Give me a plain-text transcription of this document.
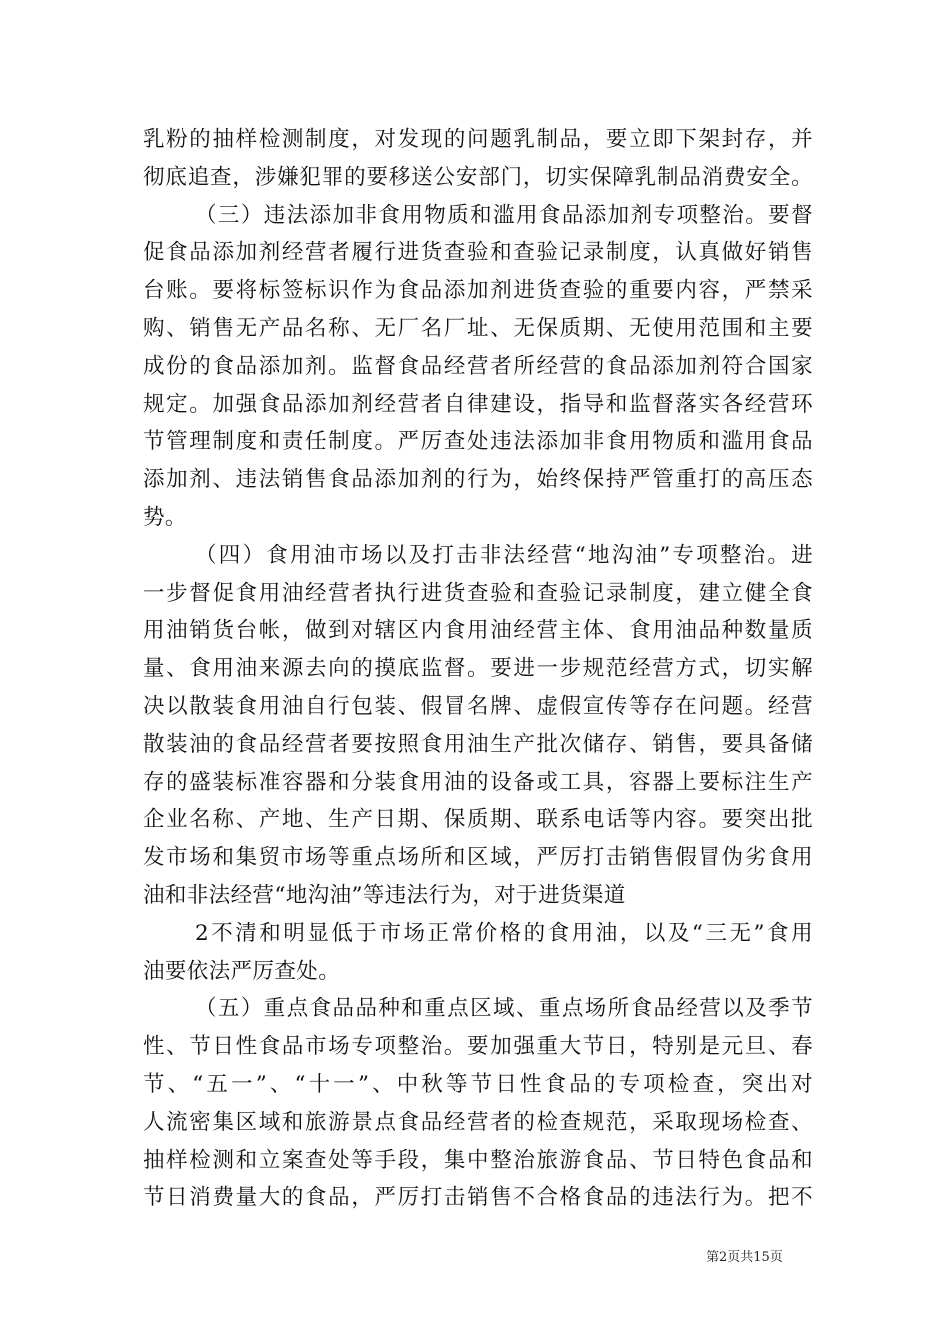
乳粉的抽样检测制度，对发现的问题乳制品，要立即下架封存，并
彻底追查，涉嫌犯罪的要移送公安部门，切实保障乳制品消费安全。
（三）违法添加非食用物质和滥用食品添加剂专项整治。要督
促食品添加剂经营者履行进货查验和查验记录制度，认真做好销售
台账。要将标签标识作为食品添加剂进货查验的重要内容，严禁采
购、销售无产品名称、无厂名厂址、无保质期、无使用范围和主要
成份的食品添加剂。监督食品经营者所经营的食品添加剂符合国家
规定。加强食品添加剂经营者自律建设，指导和监督落实各经营环
节管理制度和责任制度。严厉查处违法添加非食用物质和滥用食品
添加剂、违法销售食品添加剂的行为，始终保持严管重打的高压态
势。
（四）食用油市场以及打击非法经营“地沟油”专项整治。进
一步督促食用油经营者执行进货查验和查验记录制度，建立健全食
用油销货台帐，做到对辖区内食用油经营主体、食用油品种数量质
量、食用油来源去向的摸底监督。要进一步规范经营方式，切实解
决以散装食用油自行包装、假冒名牌、虚假宣传等存在问题。经营
散装油的食品经营者要按照食用油生产批次储存、销售，要具备储
存的盛装标准容器和分装食用油的设备或工具，容器上要标注生产
企业名称、产地、生产日期、保质期、联系电话等内容。要突出批
发市场和集贸市场等重点场所和区域，严厉打击销售假冒伪劣食用
油和非法经营“地沟油”等违法行为，对于进货渠道
2不清和明显低于市场正常价格的食用油，以及“三无”食用
油要依法严厉查处。
（五）重点食品品种和重点区域、重点场所食品经营以及季节
性、节日性食品市场专项整治。要加强重大节日，特别是元旦、春
节、“五一”、“十一”、中秋等节日性食品的专项检查，突出对
人流密集区域和旅游景点食品经营者的检查规范，采取现场检查、
抽样检测和立案查处等手段，集中整治旅游食品、节日特色食品和
节日消费量大的食品，严厉打击销售不合格食品的违法行为。把不
第2页共15页
